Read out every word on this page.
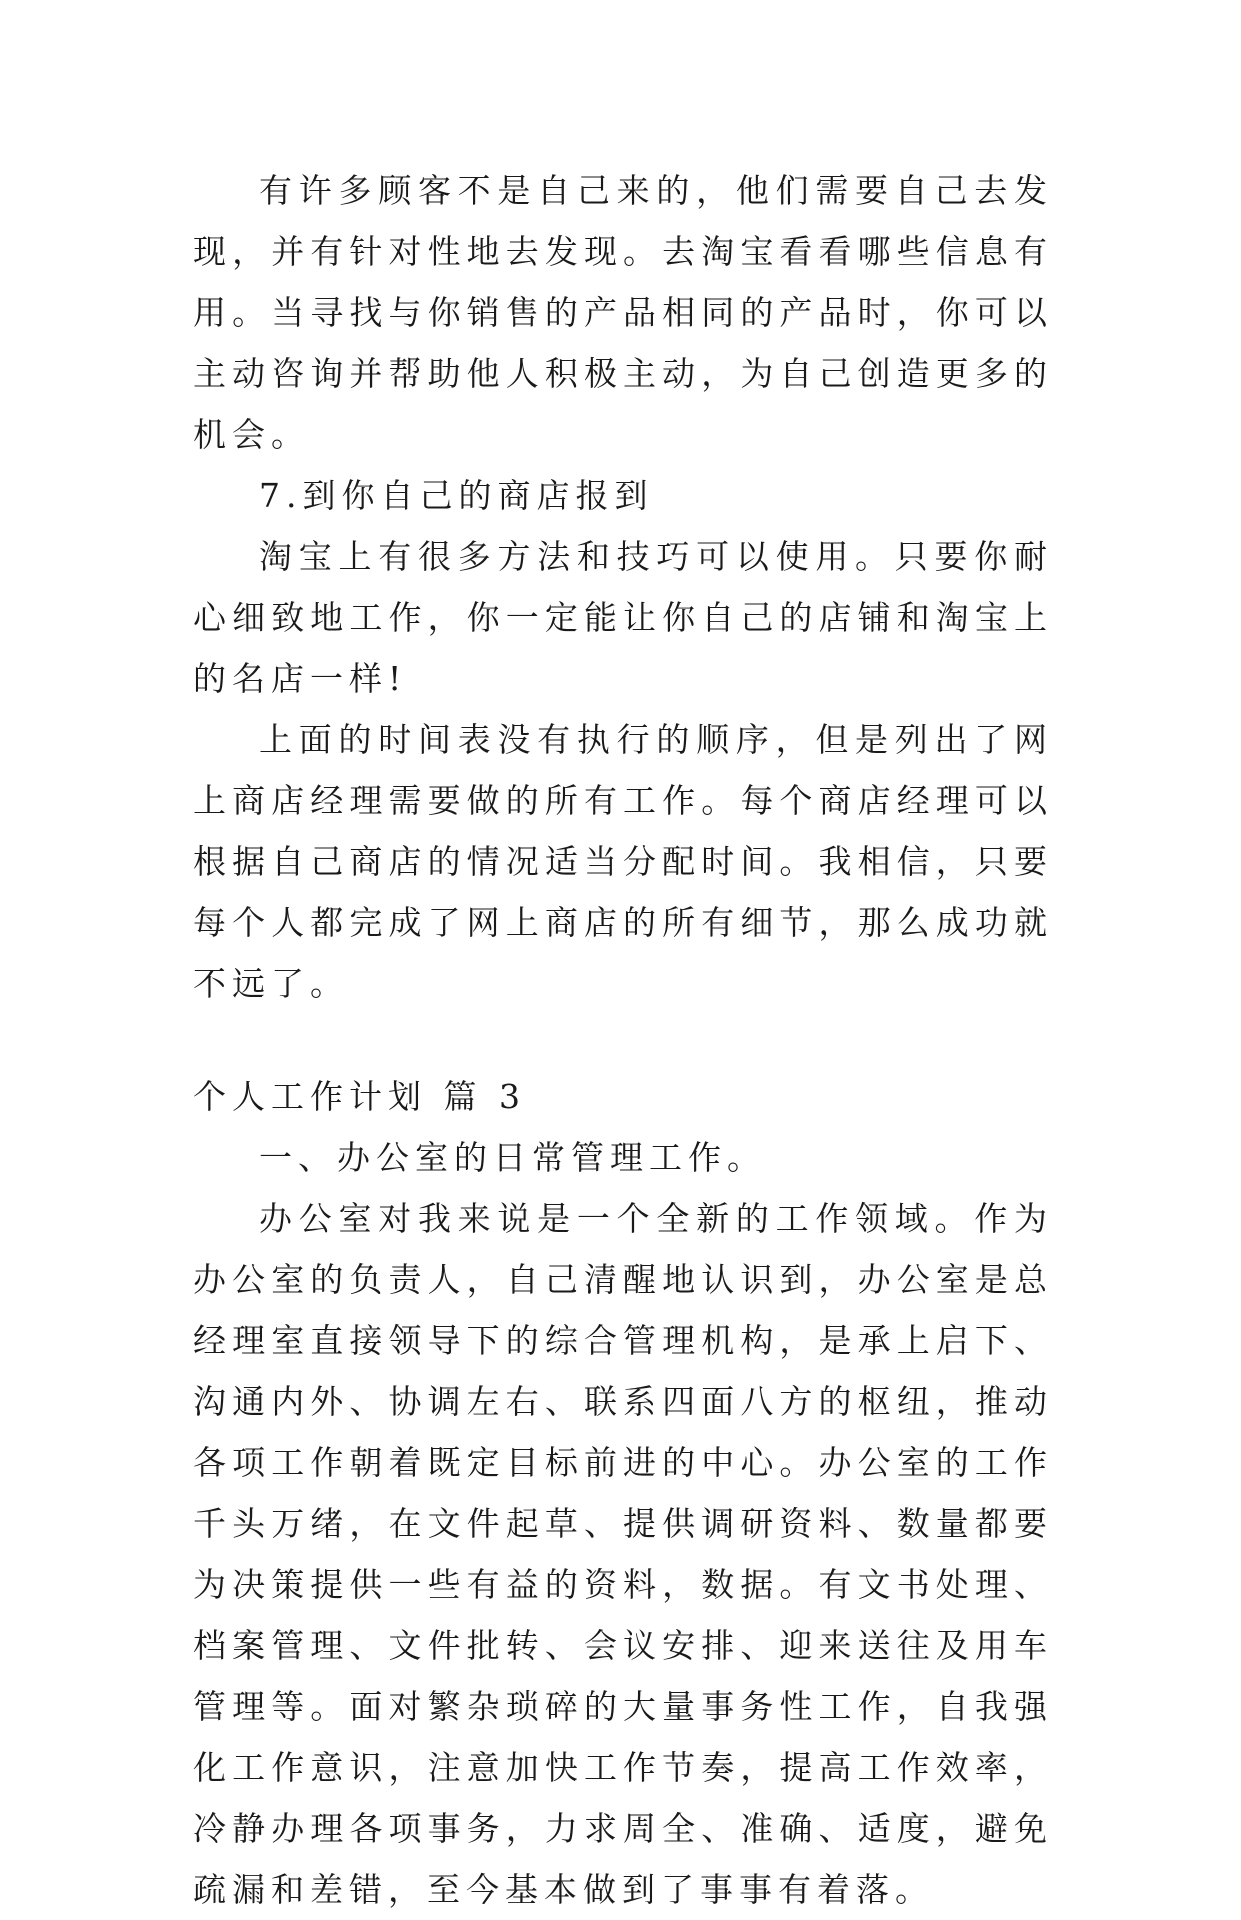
有许多顾客不是自己来的，他们需要自己去发现，并有针对性地去发现。去淘宝看看哪些信息有用。当寻找与你销售的产品相同的产品时，你可以主动咨询并帮助他人积极主动，为自己创造更多的机会。

7.到你自己的商店报到

淘宝上有很多方法和技巧可以使用。只要你耐心细致地工作，你一定能让你自己的店铺和淘宝上的名店一样!

上面的时间表没有执行的顺序，但是列出了网上商店经理需要做的所有工作。每个商店经理可以根据自己商店的情况适当分配时间。我相信，只要每个人都完成了网上商店的所有细节，那么成功就不远了。

个人工作计划 篇 3

一、办公室的日常管理工作。

办公室对我来说是一个全新的工作领域。作为办公室的负责人，自己清醒地认识到，办公室是总经理室直接领导下的综合管理机构，是承上启下、沟通内外、协调左右、联系四面八方的枢纽，推动各项工作朝着既定目标前进的中心。办公室的工作千头万绪，在文件起草、提供调研资料、数量都要为决策提供一些有益的资料，数据。有文书处理、档案管理、文件批转、会议安排、迎来送往及用车管理等。面对繁杂琐碎的大量事务性工作，自我强化工作意识，注意加快工作节奏，提高工作效率，冷静办理各项事务，力求周全、准确、适度，避免疏漏和差错，至今基本做到了事事有着落。
